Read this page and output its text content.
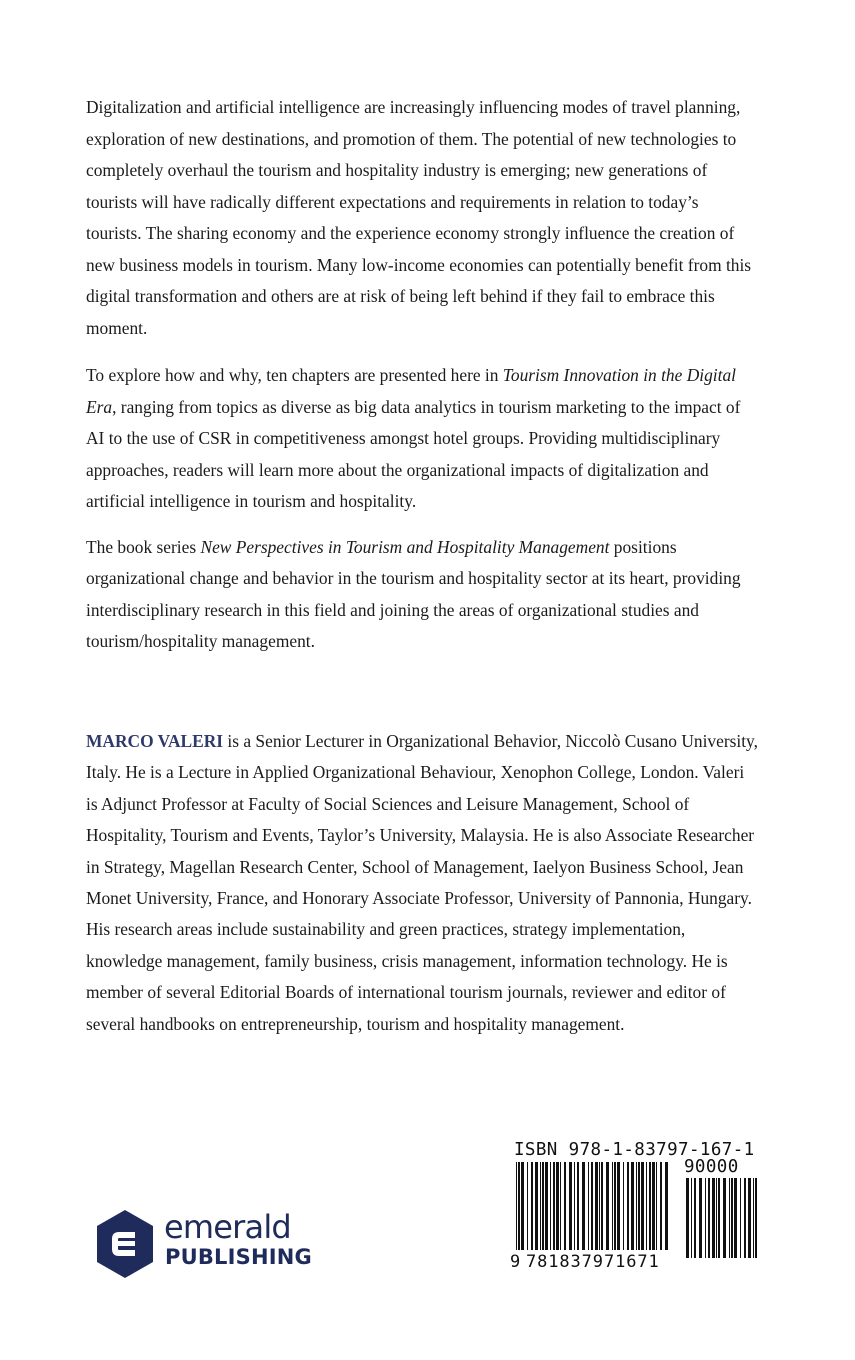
Digitalization and artificial intelligence are increasingly influencing modes of travel planning, exploration of new destinations, and promotion of them. The potential of new technologies to completely overhaul the tourism and hospitality industry is emerging; new generations of tourists will have radically different expectations and requirements in relation to today’s tourists. The sharing economy and the experience economy strongly influence the creation of new business models in tourism. Many low-income economies can potentially benefit from this digital transformation and others are at risk of being left behind if they fail to embrace this moment.

To explore how and why, ten chapters are presented here in Tourism Innovation in the Digital Era, ranging from topics as diverse as big data analytics in tourism marketing to the impact of AI to the use of CSR in competitiveness amongst hotel groups. Providing multidisciplinary approaches, readers will learn more about the organizational impacts of digitalization and artificial intelligence in tourism and hospitality.

The book series New Perspectives in Tourism and Hospitality Management positions organizational change and behavior in the tourism and hospitality sector at its heart, providing interdisciplinary research in this field and joining the areas of organizational studies and tourism/hospitality management.

MARCO VALERI is a Senior Lecturer in Organizational Behavior, Niccolò Cusano University, Italy. He is a Lecture in Applied Organizational Behaviour, Xenophon College, London. Valeri is Adjunct Professor at Faculty of Social Sciences and Leisure Management, School of Hospitality, Tourism and Events, Taylor’s University, Malaysia. He is also Associate Researcher in Strategy, Magellan Research Center, School of Management, Iaelyon Business School, Jean Monet University, France, and Honorary Associate Professor, University of Pannonia, Hungary. His research areas include sustainability and green practices, strategy implementation, knowledge management, family business, crisis management, information technology. He is member of several Editorial Boards of international tourism journals, reviewer and editor of several handbooks on entrepreneurship, tourism and hospitality management.

emerald
PUBLISHING
ISBN 978-1-83797-167-1
90000
9 781837971671
